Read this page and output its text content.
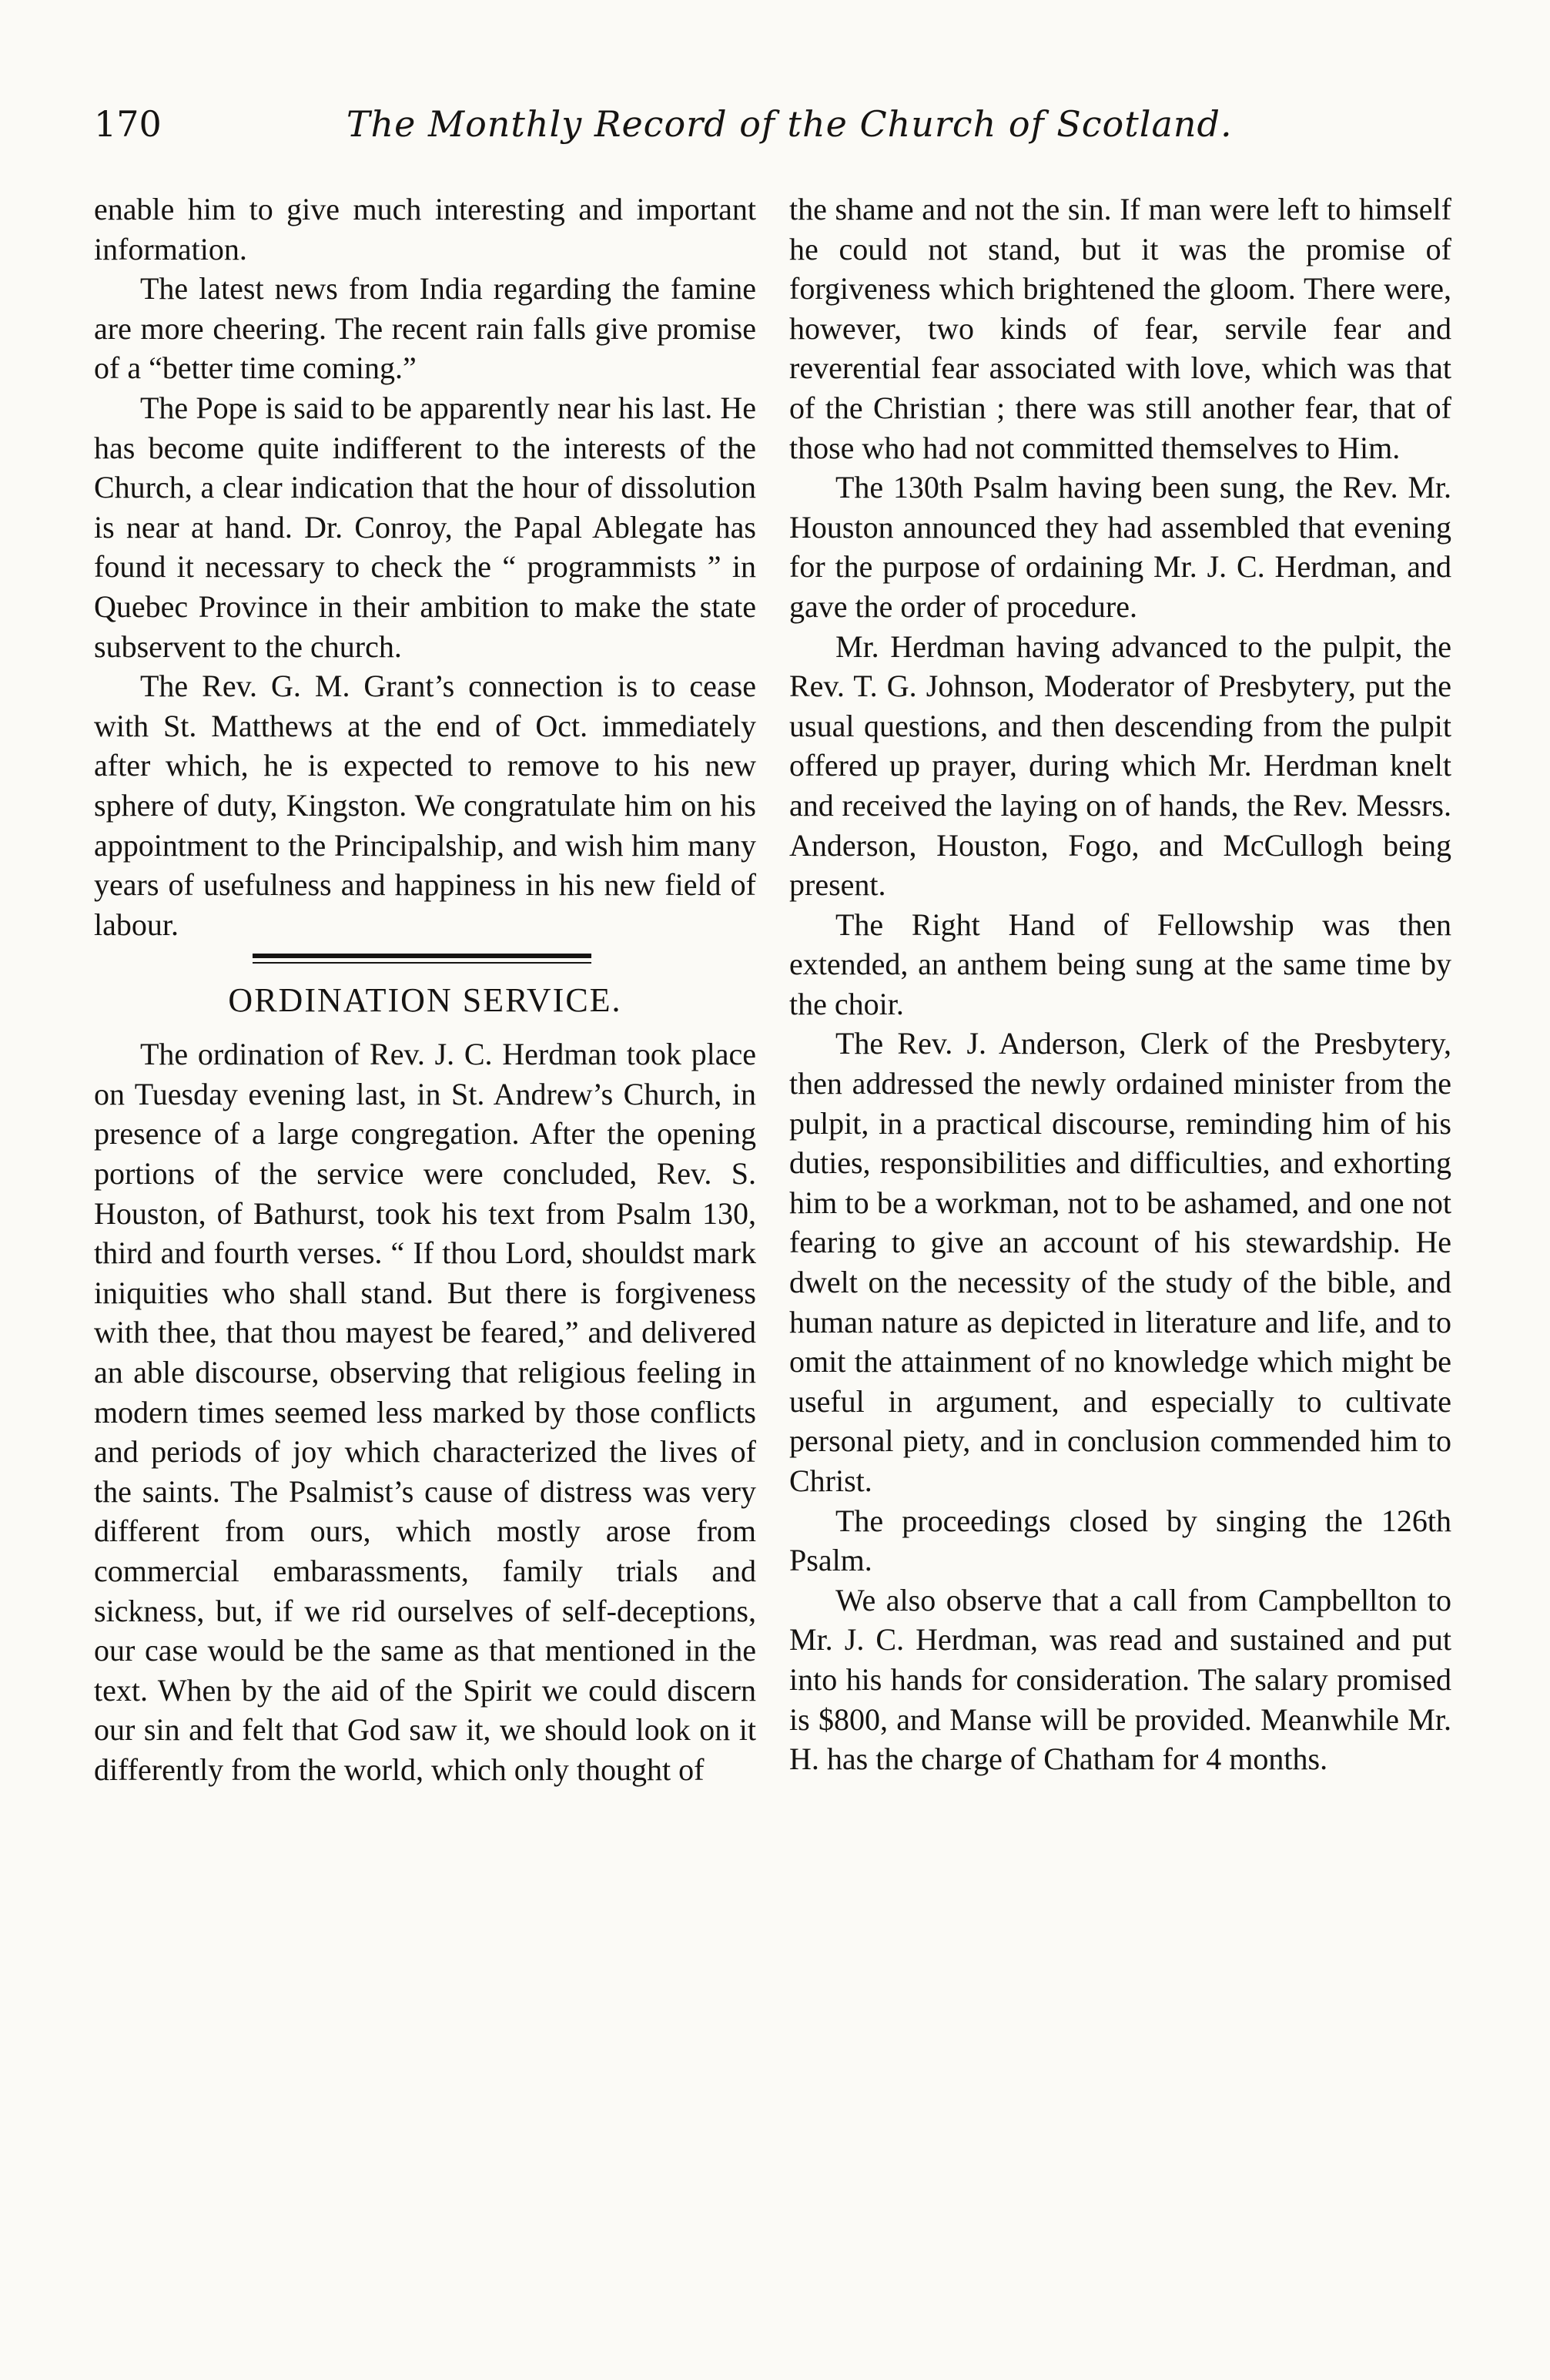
170	The Monthly Record of the Church of Scotland.

enable him to give much interesting and important information.

The latest news from India regarding the famine are more cheering. The recent rain falls give promise of a “better time coming.”

The Pope is said to be apparently near his last. He has become quite indifferent to the interests of the Church, a clear indication that the hour of dissolution is near at hand. Dr. Conroy, the Papal Ablegate has found it necessary to check the “ programmists ” in Quebec Province in their ambition to make the state subservent to the church.

The Rev. G. M. Grant’s connection is to cease with St. Matthews at the end of Oct. immediately after which, he is expected to remove to his new sphere of duty, Kingston. We congratulate him on his appointment to the Principalship, and wish him many years of usefulness and happiness in his new field of labour.

ORDINATION SERVICE.

The ordination of Rev. J. C. Herdman took place on Tuesday evening last, in St. Andrew’s Church, in presence of a large congregation. After the opening portions of the service were concluded, Rev. S. Houston, of Bathurst, took his text from Psalm 130, third and fourth verses. “ If thou Lord, shouldst mark iniquities who shall stand. But there is forgiveness with thee, that thou mayest be feared,” and delivered an able discourse, observing that religious feeling in modern times seemed less marked by those conflicts and periods of joy which characterized the lives of the saints. The Psalmist’s cause of distress was very different from ours, which mostly arose from commercial embarassments, family trials and sickness, but, if we rid ourselves of self-deceptions, our case would be the same as that mentioned in the text. When by the aid of the Spirit we could discern our sin and felt that God saw it, we should look on it differently from the world, which only thought of

the shame and not the sin. If man were left to himself he could not stand, but it was the promise of forgiveness which brightened the gloom. There were, however, two kinds of fear, servile fear and reverential fear associated with love, which was that of the Christian ; there was still another fear, that of those who had not committed themselves to Him.

The 130th Psalm having been sung, the Rev. Mr. Houston announced they had assembled that evening for the purpose of ordaining Mr. J. C. Herdman, and gave the order of procedure.

Mr. Herdman having advanced to the pulpit, the Rev. T. G. Johnson, Moderator of Presbytery, put the usual questions, and then descending from the pulpit offered up prayer, during which Mr. Herdman knelt and received the laying on of hands, the Rev. Messrs. Anderson, Houston, Fogo, and McCullogh being present.

The Right Hand of Fellowship was then extended, an anthem being sung at the same time by the choir.

The Rev. J. Anderson, Clerk of the Presbytery, then addressed the newly ordained minister from the pulpit, in a practical discourse, reminding him of his duties, responsibilities and difficulties, and exhorting him to be a workman, not to be ashamed, and one not fearing to give an account of his stewardship. He dwelt on the necessity of the study of the bible, and human nature as depicted in literature and life, and to omit the attainment of no knowledge which might be useful in argument, and especially to cultivate personal piety, and in conclusion commended him to Christ.

The proceedings closed by singing the 126th Psalm.

We also observe that a call from Campbellton to Mr. J. C. Herdman, was read and sustained and put into his hands for consideration. The salary promised is $800, and Manse will be provided. Meanwhile Mr. H. has the charge of Chatham for 4 months.
